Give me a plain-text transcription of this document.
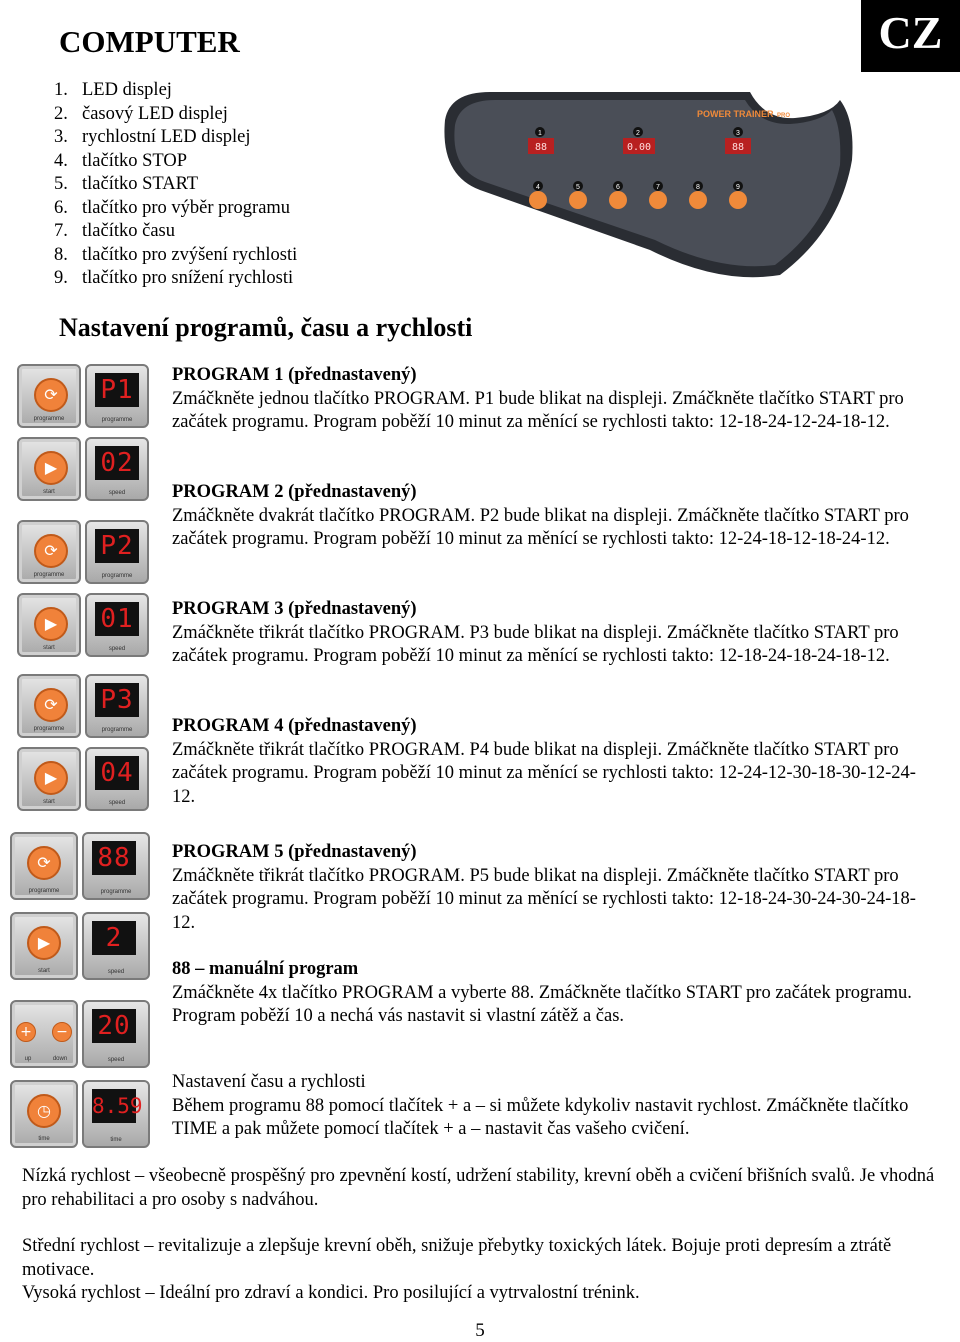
CZ
COMPUTER
1. LED displej
2. časový LED displej
3. rychlostní LED displej
4. tlačítko STOP
5. tlačítko START
6. tlačítko pro výběr programu
7. tlačítko času
8. tlačítko pro zvýšení rychlosti
9. tlačítko pro snížení rychlosti
POWER TRAINER PRO
1
88
2
0.00
3
88
4	5	6	7	8	9
Nastavení programů, času a rychlosti
⟳
programme
P1
programme
▶
start
02
speed
⟳
programme
P2
programme
▶
start
01
speed
⟳
programme
P3
programme
▶
start
04
speed
⟳
programme
88
programme
▶
start
2
speed
+ −
up	down
20
speed
◷
time
8.59
time
PROGRAM 1 (přednastavený)
Zmáčkněte jednou tlačítko PROGRAM. P1 bude blikat na displeji. Zmáčkněte tlačítko START pro začátek programu. Program poběží 10 minut za měnící se rychlosti takto: 12-18-24-12-24-18-12.
PROGRAM 2 (přednastavený)
Zmáčkněte dvakrát tlačítko PROGRAM. P2 bude blikat na displeji. Zmáčkněte tlačítko START pro začátek programu. Program poběží 10 minut za měnící se rychlosti takto: 12-24-18-12-18-24-12.
PROGRAM 3 (přednastavený)
Zmáčkněte třikrát tlačítko PROGRAM. P3 bude blikat na displeji. Zmáčkněte tlačítko START pro začátek programu. Program poběží 10 minut za měnící se rychlosti takto: 12-18-24-18-24-18-12.
PROGRAM 4 (přednastavený)
Zmáčkněte třikrát tlačítko PROGRAM. P4 bude blikat na displeji. Zmáčkněte tlačítko START pro začátek programu. Program poběží 10 minut za měnící se rychlosti takto: 12-24-12-30-18-30-12-24-12.
PROGRAM 5 (přednastavený)
Zmáčkněte třikrát tlačítko PROGRAM. P5 bude blikat na displeji. Zmáčkněte tlačítko START pro začátek programu. Program poběží 10 minut za měnící se rychlosti takto: 12-18-24-30-24-30-24-18-12.
88 – manuální program
Zmáčkněte 4x tlačítko PROGRAM a vyberte 88. Zmáčkněte tlačítko START pro začátek programu. Program poběží 10 a nechá vás nastavit si vlastní zátěž a čas.
Nastavení času a rychlosti
Během programu 88 pomocí tlačítek + a – si můžete kdykoliv nastavit rychlost. Zmáčkněte tlačítko TIME a pak můžete pomocí tlačítek + a – nastavit čas vašeho cvičení.
Nízká rychlost – všeobecně prospěšný pro zpevnění kostí, udržení stability, krevní oběh a cvičení břišních svalů. Je vhodná pro rehabilitaci a pro osoby s nadváhou.
Střední rychlost – revitalizuje a zlepšuje krevní oběh, snižuje přebytky toxických látek. Bojuje proti depresím a ztrátě motivace.
Vysoká rychlost – Ideální pro zdraví a kondici. Pro posilující a vytrvalostní trénink.
5
